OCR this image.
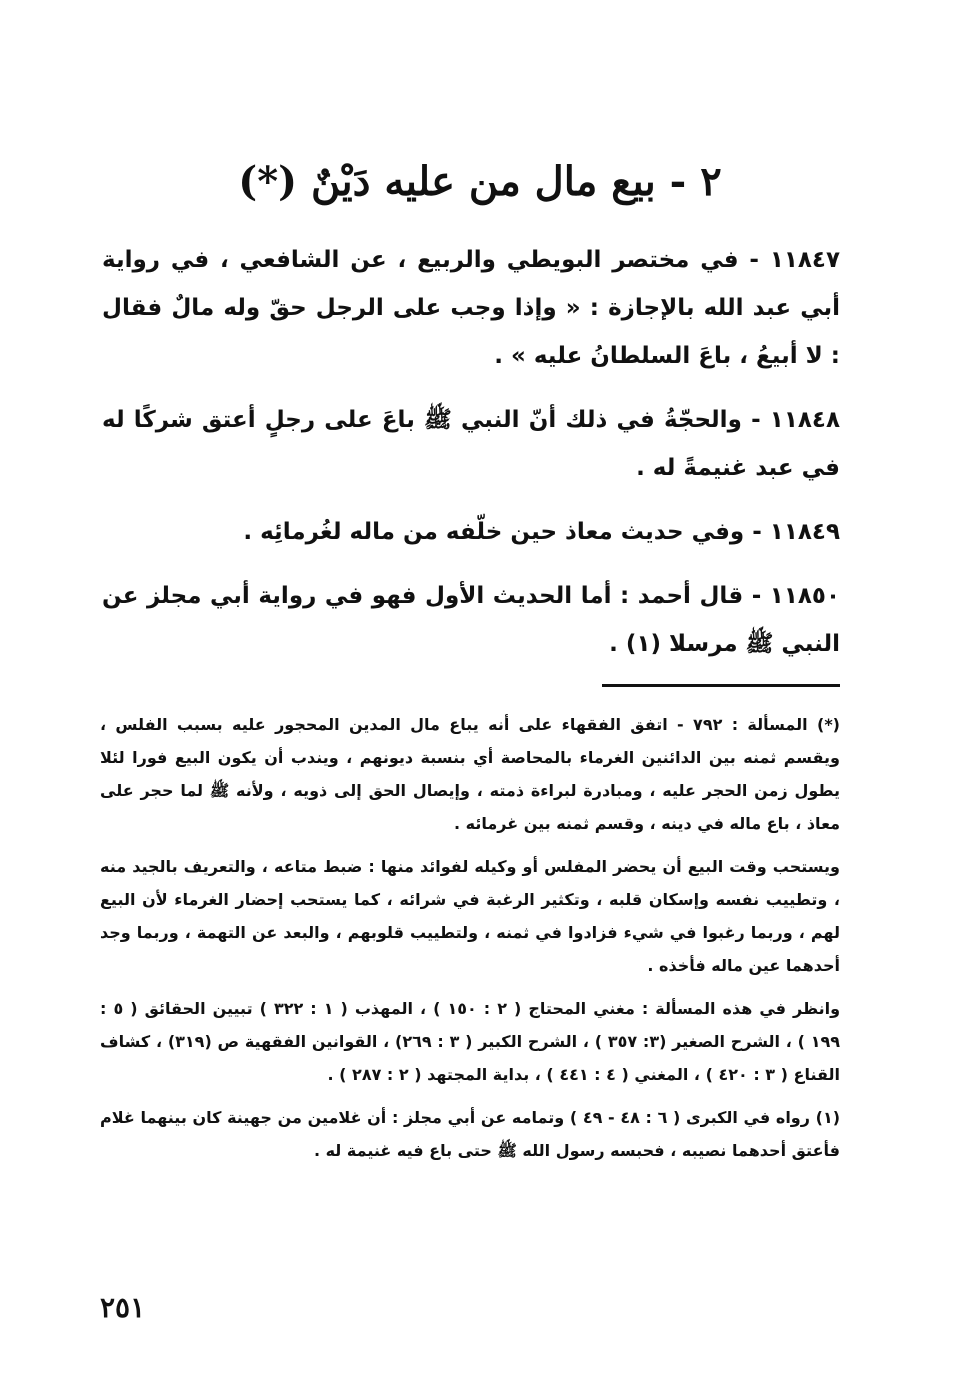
٢ - بيع مال من عليه دَيْنٌ (*)

١١٨٤٧ - في مختصر البويطي والربيع ، عن الشافعي ، في رواية أبي عبد الله بالإجازة : « وإذا وجب على الرجل حقّ وله مالٌ فقال : لا أبيعُ ، باعَ السلطانُ عليه » .

١١٨٤٨ - والحجّةُ في ذلك أنّ النبي ﷺ باعَ على رجلٍ أعتق شركًا له في عبد غنيمةً له .

١١٨٤٩ - وفي حديث معاذ حين خلّفه من ماله لغُرمائِه .

١١٨٥٠ - قال أحمد : أما الحديث الأول فهو في رواية أبي مجلز عن النبي ﷺ مرسلا (١) .

(*) المسألة : ٧٩٢ - اتفق الفقهاء على أنه يباع مال المدين المحجور عليه بسبب الفلس ، ويقسم ثمنه بين الدائنين الغرماء بالمحاصة أي بنسبة ديونهم ، ويندب أن يكون البيع فورا لئلا يطول زمن الحجر عليه ، ومبادرة لبراءة ذمته ، وإيصال الحق إلى ذويه ، ولأنه ﷺ لما حجر على معاذ ، باع ماله في دينه ، وقسم ثمنه بين غرمائه .

ويستحب وقت البيع أن يحضر المفلس أو وكيله لفوائد منها : ضبط متاعه ، والتعريف بالجيد منه ، وتطييب نفسه وإسكان قلبه ، وتكثير الرغبة في شرائه ، كما يستحب إحضار الغرماء لأن البيع لهم ، وربما رغبوا في شيء فزادوا في ثمنه ، ولتطييب قلوبهم ، والبعد عن التهمة ، وربما وجد أحدهما عين ماله فأخذه .

وانظر في هذه المسألة : مغني المحتاج ( ٢ : ١٥٠ ) ، المهذب ( ١ : ٣٢٢ ) تبيين الحقائق ( ٥ : ١٩٩ ) ، الشرح الصغير (٣: ٣٥٧ ) ، الشرح الكبير ( ٣ : ٢٦٩) ، القوانين الفقهية ص (٣١٩) ، كشاف القناع ( ٣ : ٤٢٠ ) ، المغني ( ٤ : ٤٤١ ) ، بداية المجتهد ( ٢ : ٢٨٧ ) .

(١) رواه في الكبرى ( ٦ : ٤٨ - ٤٩ ) وتمامه عن أبي مجلز : أن غلامين من جهينة كان بينهما غلام فأعتق أحدهما نصيبه ، فحبسه رسول الله ﷺ حتى باع فيه غنيمة له .

٢٥١
